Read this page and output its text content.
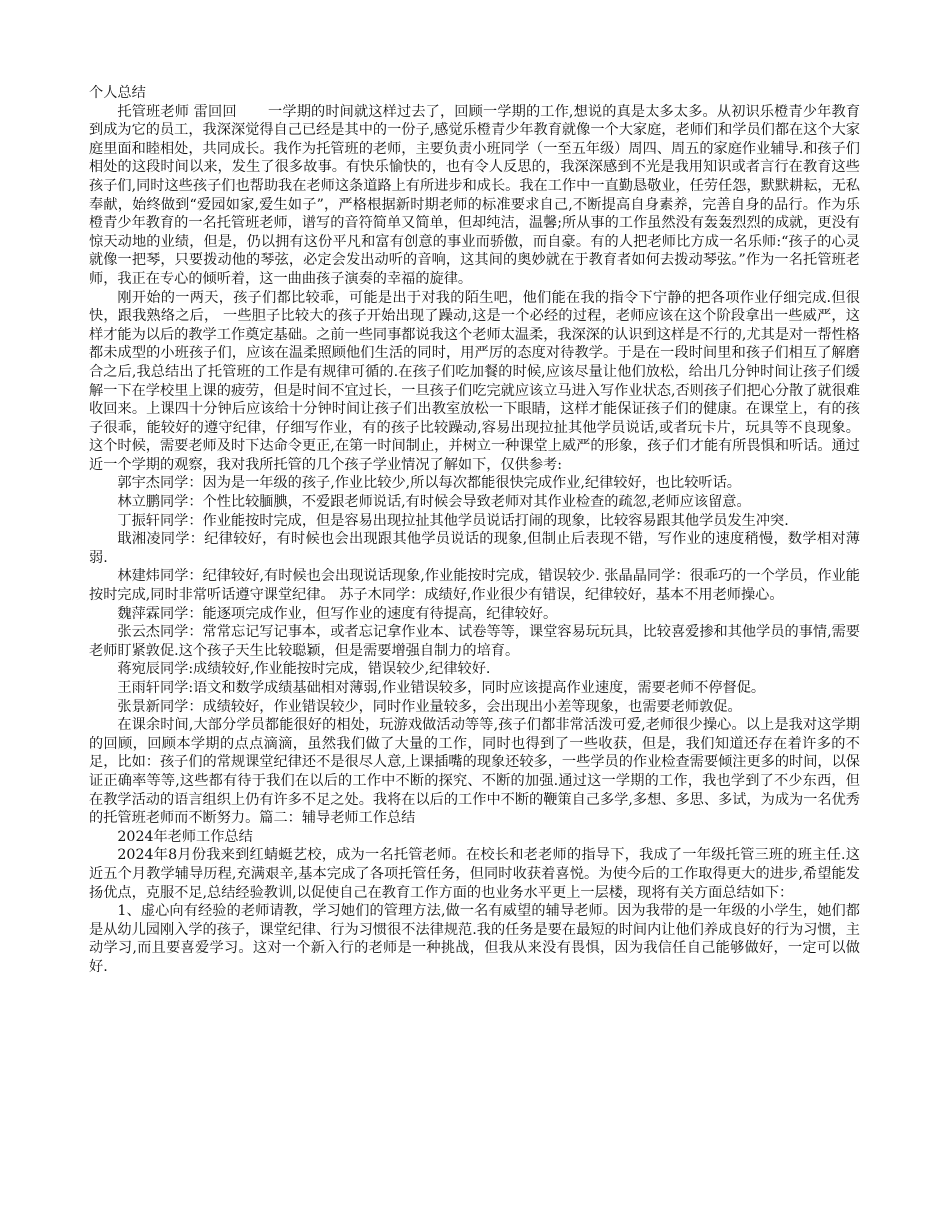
个人总结

托管班老师 雷回回 一学期的时间就这样过去了，回顾一学期的工作,想说的真是太多太多。从初识乐橙青少年教育到成为它的员工，我深深觉得自己已经是其中的一份子,感觉乐橙青少年教育就像一个大家庭，老师们和学员们都在这个大家庭里面和睦相处，共同成长。我作为托管班的老师，主要负责小班同学（一至五年级）周四、周五的家庭作业辅导.和孩子们相处的这段时间以来，发生了很多故事。有快乐愉快的，也有令人反思的，我深深感到不光是我用知识或者言行在教育这些孩子们,同时这些孩子们也帮助我在老师这条道路上有所进步和成长。我在工作中一直勤恳敬业，任劳任怨，默默耕耘，无私奉献，始终做到“爱园如家,爱生如子”，严格根据新时期老师的标准要求自己,不断提高自身素养，完善自身的品行。作为乐橙青少年教育的一名托管班老师，谱写的音符简单又简单，但却纯洁，温馨;所从事的工作虽然没有轰轰烈烈的成就，更没有惊天动地的业绩，但是，仍以拥有这份平凡和富有创意的事业而骄傲，而自豪。有的人把老师比方成一名乐师:“孩子的心灵就像一把琴，只要拨动他的琴弦，必定会发出动听的音响，这其间的奥妙就在于教育者如何去拨动琴弦。”作为一名托管班老师，我正在专心的倾听着，这一曲曲孩子演奏的幸福的旋律。

刚开始的一两天，孩子们都比较乖，可能是出于对我的陌生吧，他们能在我的指令下宁静的把各项作业仔细完成.但很快，跟我熟络之后， 一些胆子比较大的孩子开始出现了躁动,这是一个必经的过程，老师应该在这个阶段拿出一些威严，这样才能为以后的教学工作奠定基础。之前一些同事都说我这个老师太温柔，我深深的认识到这样是不行的,尤其是对一帮性格都未成型的小班孩子们，应该在温柔照顾他们生活的同时，用严厉的态度对待教学。于是在一段时间里和孩子们相互了解磨合之后,我总结出了托管班的工作是有规律可循的.在孩子们吃加餐的时候,应该尽量让他们放松，给出几分钟时间让孩子们缓解一下在学校里上课的疲劳，但是时间不宜过长，一旦孩子们吃完就应该立马进入写作业状态,否则孩子们把心分散了就很难收回来。上课四十分钟后应该给十分钟时间让孩子们出教室放松一下眼睛，这样才能保证孩子们的健康。在课堂上，有的孩子很乖，能较好的遵守纪律，仔细写作业，有的孩子比较躁动,容易出现拉扯其他学员说话,或者玩卡片，玩具等不良现象。这个时候，需要老师及时下达命令更正,在第一时间制止，并树立一种课堂上威严的形象，孩子们才能有所畏惧和听话。通过近一个学期的观察，我对我所托管的几个孩子学业情况了解如下，仅供参考:

郭宇杰同学：因为是一年级的孩子,作业比较少,所以每次都能很快完成作业,纪律较好，也比较听话。

林立鹏同学：个性比较腼腆，不爱跟老师说话,有时候会导致老师对其作业检查的疏忽,老师应该留意。

丁振轩同学：作业能按时完成，但是容易出现拉扯其他学员说话打闹的现象，比较容易跟其他学员发生冲突.

戢湘凌同学：纪律较好，有时候也会出现跟其他学员说话的现象,但制止后表现不错，写作业的速度稍慢，数学相对薄弱.

林建炜同学：纪律较好,有时候也会出现说话现象,作业能按时完成，错误较少. 张晶晶同学：很乖巧的一个学员，作业能按时完成,同时非常听话遵守课堂纪律。 苏子木同学：成绩好,作业很少有错误，纪律较好，基本不用老师操心。

魏萍霖同学：能逐项完成作业，但写作业的速度有待提高，纪律较好。

张云杰同学：常常忘记写记事本，或者忘记拿作业本、试卷等等，课堂容易玩玩具，比较喜爱掺和其他学员的事情,需要老师盯紧敦促.这个孩子天生比较聪颖，但是需要增强自制力的培育。

蒋宛辰同学:成绩较好,作业能按时完成，错误较少,纪律较好.

王雨轩同学:语文和数学成绩基础相对薄弱,作业错误较多，同时应该提高作业速度，需要老师不停督促。

张景新同学：成绩较好，作业错误较少，同时作业量较多，会出现出小差等现象，也需要老师敦促。

在课余时间,大部分学员都能很好的相处，玩游戏做活动等等,孩子们都非常活泼可爱,老师很少操心。以上是我对这学期的回顾，回顾本学期的点点滴滴，虽然我们做了大量的工作，同时也得到了一些收获，但是，我们知道还存在着许多的不足，比如：孩子们的常规课堂纪律还不是很尽人意,上课插嘴的现象还较多，一些学员的作业检查需要倾注更多的时间，以保证正确率等等,这些都有待于我们在以后的工作中不断的探究、不断的加强.通过这一学期的工作，我也学到了不少东西，但在教学活动的语言组织上仍有许多不足之处。我将在以后的工作中不断的鞭策自己多学,多想、多思、多试，为成为一名优秀的托管班老师而不断努力。篇二：辅导老师工作总结

2024年老师工作总结

2024年8月份我来到红蜻蜓艺校，成为一名托管老师。在校长和老老师的指导下，我成了一年级托管三班的班主任.这近五个月教学辅导历程,充满艰辛,基本完成了各项托管任务，但同时收获着喜悦。为使今后的工作取得更大的进步,希望能发扬优点，克服不足,总结经验教训,以促使自己在教育工作方面的也业务水平更上一层楼，现将有关方面总结如下：

1、虚心向有经验的老师请教，学习她们的管理方法,做一名有威望的辅导老师。因为我带的是一年级的小学生，她们都是从幼儿园刚入学的孩子，课堂纪律、行为习惯很不法律规范.我的任务是要在最短的时间内让他们养成良好的行为习惯，主动学习,而且要喜爱学习。这对一个新入行的老师是一种挑战，但我从来没有畏惧，因为我信任自己能够做好，一定可以做好.
